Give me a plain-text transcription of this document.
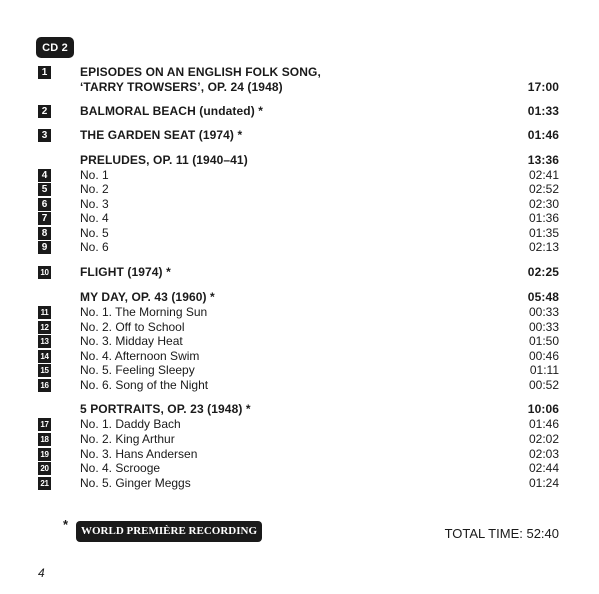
CD 2
1	EPISODES ON AN ENGLISH FOLK SONG,
‘TARRY TROWSERS’, OP. 24 (1948)	17:00
2	BALMORAL BEACH (undated) *	01:33
3	THE GARDEN SEAT (1974) *	01:46
PRELUDES, OP. 11 (1940–41)	13:36
4	No. 1	02:41
5	No. 2	02:52
6	No. 3	02:30
7	No. 4	01:36
8	No. 5	01:35
9	No. 6	02:13
10	FLIGHT (1974) *	02:25
MY DAY, OP. 43 (1960) *	05:48
11	No. 1. The Morning Sun	00:33
12	No. 2. Off to School	00:33
13	No. 3. Midday Heat	01:50
14	No. 4. Afternoon Swim	00:46
15	No. 5. Feeling Sleepy	01:11
16	No. 6. Song of the Night	00:52
5 PORTRAITS, OP. 23 (1948) *	10:06
17	No. 1. Daddy Bach	01:46
18	No. 2. King Arthur	02:02
19	No. 3. Hans Andersen	02:03
20	No. 4. Scrooge	02:44
21	No. 5. Ginger Meggs	01:24
*	WORLD PREMIÈRE RECORDING	TOTAL TIME: 52:40
4
